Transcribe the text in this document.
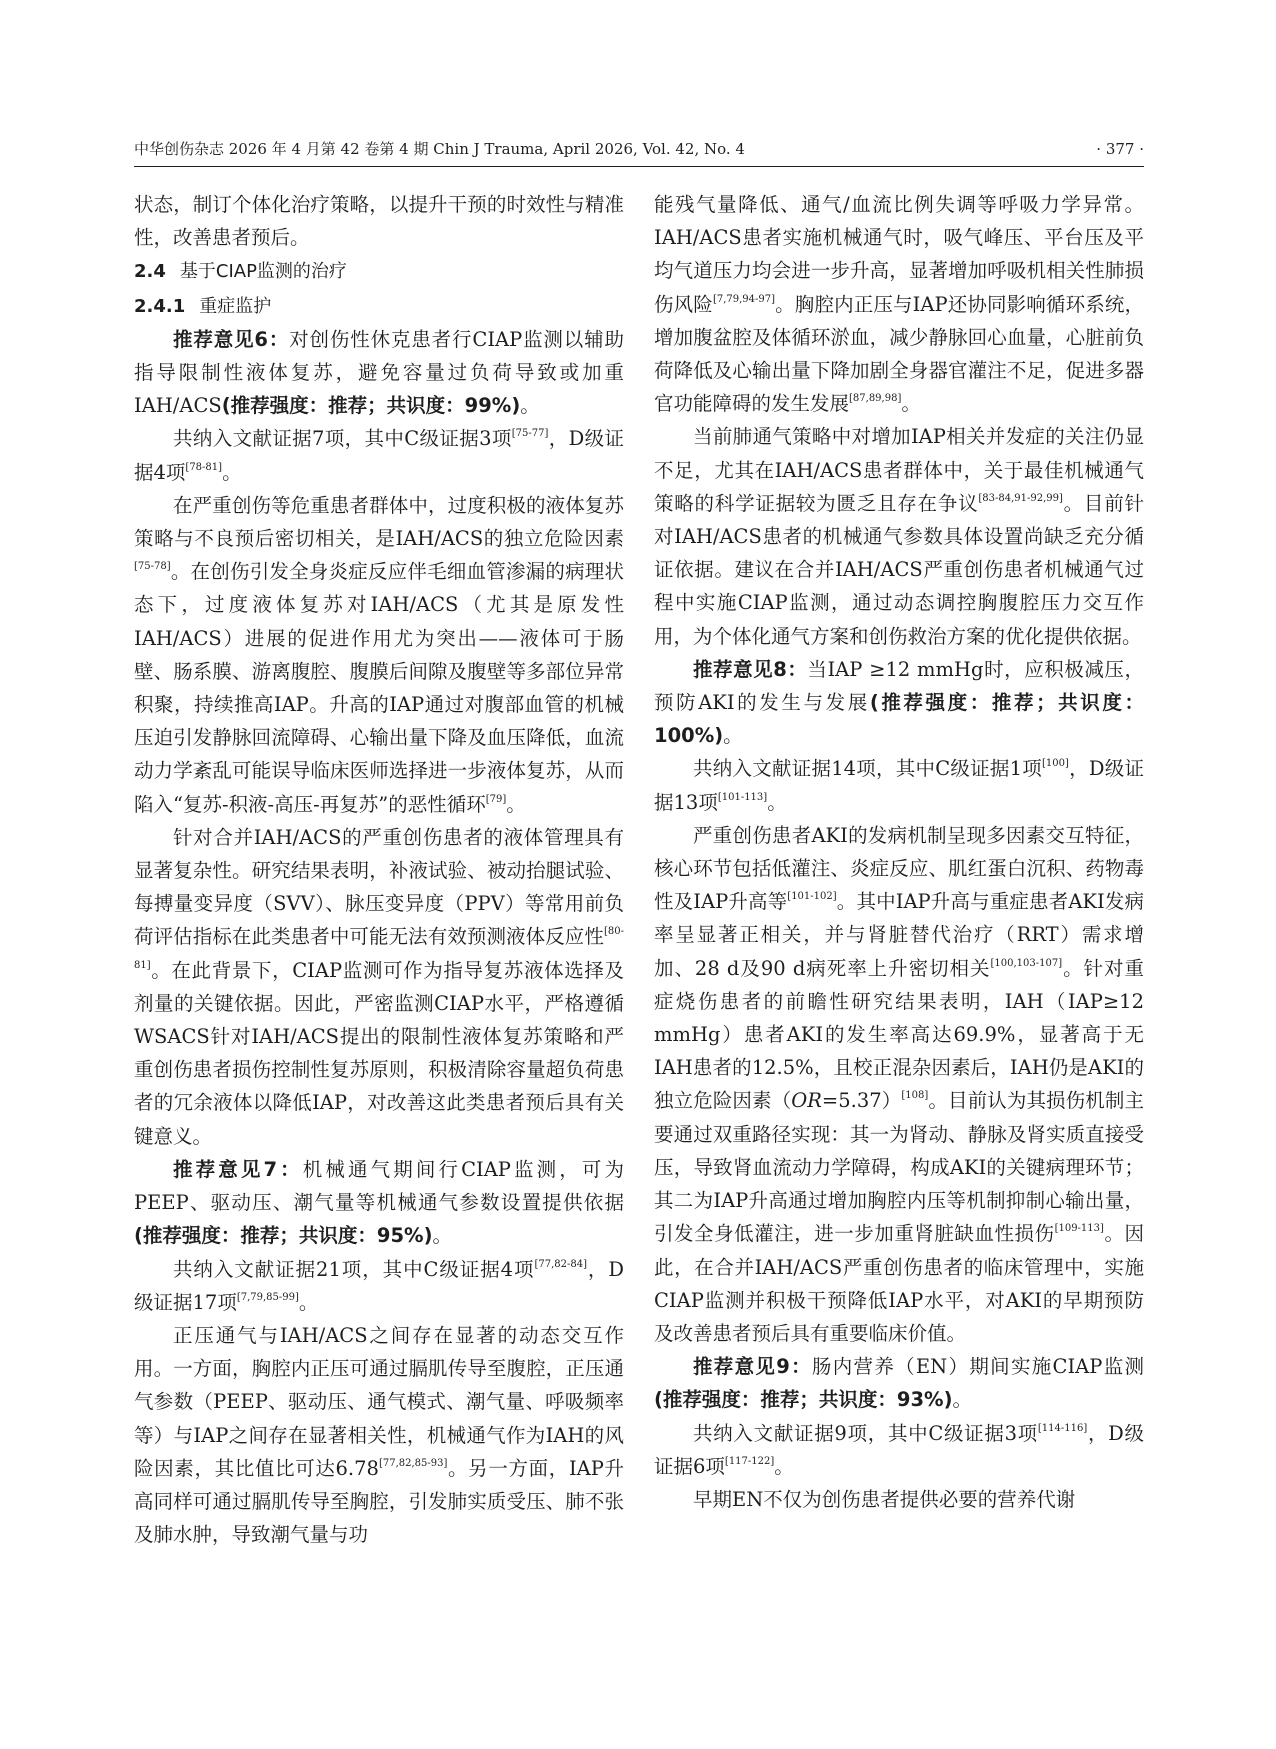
中华创伤杂志 2026 年 4 月第 42 卷第 4 期 Chin J Trauma, April 2026, Vol. 42, No. 4	· 377 ·

状态，制订个体化治疗策略，以提升干预的时效性与精准性，改善患者预后。

2.4 基于CIAP监测的治疗
2.4.1 重症监护

推荐意见6：对创伤性休克患者行CIAP监测以辅助指导限制性液体复苏，避免容量过负荷导致或加重IAH/ACS(推荐强度：推荐；共识度：99%)。

共纳入文献证据7项，其中C级证据3项[75-77]，D级证据4项[78-81]。

在严重创伤等危重患者群体中，过度积极的液体复苏策略与不良预后密切相关，是IAH/ACS的独立危险因素[75-78]。在创伤引发全身炎症反应伴毛细血管渗漏的病理状态下，过度液体复苏对IAH/ACS（尤其是原发性IAH/ACS）进展的促进作用尤为突出——液体可于肠壁、肠系膜、游离腹腔、腹膜后间隙及腹壁等多部位异常积聚，持续推高IAP。升高的IAP通过对腹部血管的机械压迫引发静脉回流障碍、心输出量下降及血压降低，血流动力学紊乱可能误导临床医师选择进一步液体复苏，从而陷入“复苏-积液-高压-再复苏”的恶性循环[79]。

针对合并IAH/ACS的严重创伤患者的液体管理具有显著复杂性。研究结果表明，补液试验、被动抬腿试验、每搏量变异度（SVV）、脉压变异度（PPV）等常用前负荷评估指标在此类患者中可能无法有效预测液体反应性[80-81]。在此背景下，CIAP监测可作为指导复苏液体选择及剂量的关键依据。因此，严密监测CIAP水平，严格遵循WSACS针对IAH/ACS提出的限制性液体复苏策略和严重创伤患者损伤控制性复苏原则，积极清除容量超负荷患者的冗余液体以降低IAP，对改善这此类患者预后具有关键意义。

推荐意见7：机械通气期间行CIAP监测，可为PEEP、驱动压、潮气量等机械通气参数设置提供依据(推荐强度：推荐；共识度：95%)。

共纳入文献证据21项，其中C级证据4项[77,82-84]，D级证据17项[7,79,85-99]。

正压通气与IAH/ACS之间存在显著的动态交互作用。一方面，胸腔内正压可通过膈肌传导至腹腔，正压通气参数（PEEP、驱动压、通气模式、潮气量、呼吸频率等）与IAP之间存在显著相关性，机械通气作为IAH的风险因素，其比值比可达6.78[77,82,85-93]。另一方面，IAP升高同样可通过膈肌传导至胸腔，引发肺实质受压、肺不张及肺水肿，导致潮气量与功

能残气量降低、通气/血流比例失调等呼吸力学异常。IAH/ACS患者实施机械通气时，吸气峰压、平台压及平均气道压力均会进一步升高，显著增加呼吸机相关性肺损伤风险[7,79,94-97]。胸腔内正压与IAP还协同影响循环系统，增加腹盆腔及体循环淤血，减少静脉回心血量，心脏前负荷降低及心输出量下降加剧全身器官灌注不足，促进多器官功能障碍的发生发展[87,89,98]。

当前肺通气策略中对增加IAP相关并发症的关注仍显不足，尤其在IAH/ACS患者群体中，关于最佳机械通气策略的科学证据较为匮乏且存在争议[83-84,91-92,99]。目前针对IAH/ACS患者的机械通气参数具体设置尚缺乏充分循证依据。建议在合并IAH/ACS严重创伤患者机械通气过程中实施CIAP监测，通过动态调控胸腹腔压力交互作用，为个体化通气方案和创伤救治方案的优化提供依据。

推荐意见8：当IAP ≥12 mmHg时，应积极减压，预防AKI的发生与发展(推荐强度：推荐；共识度：100%)。

共纳入文献证据14项，其中C级证据1项[100]，D级证据13项[101-113]。

严重创伤患者AKI的发病机制呈现多因素交互特征，核心环节包括低灌注、炎症反应、肌红蛋白沉积、药物毒性及IAP升高等[101-102]。其中IAP升高与重症患者AKI发病率呈显著正相关，并与肾脏替代治疗（RRT）需求增加、28 d及90 d病死率上升密切相关[100,103-107]。针对重症烧伤患者的前瞻性研究结果表明，IAH（IAP≥12 mmHg）患者AKI的发生率高达69.9%，显著高于无IAH患者的12.5%，且校正混杂因素后，IAH仍是AKI的独立危险因素（OR=5.37）[108]。目前认为其损伤机制主要通过双重路径实现：其一为肾动、静脉及肾实质直接受压，导致肾血流动力学障碍，构成AKI的关键病理环节；其二为IAP升高通过增加胸腔内压等机制抑制心输出量，引发全身低灌注，进一步加重肾脏缺血性损伤[109-113]。因此，在合并IAH/ACS严重创伤患者的临床管理中，实施CIAP监测并积极干预降低IAP水平，对AKI的早期预防及改善患者预后具有重要临床价值。

推荐意见9：肠内营养（EN）期间实施CIAP监测(推荐强度：推荐；共识度：93%)。

共纳入文献证据9项，其中C级证据3项[114-116]，D级证据6项[117-122]。

早期EN不仅为创伤患者提供必要的营养代谢
